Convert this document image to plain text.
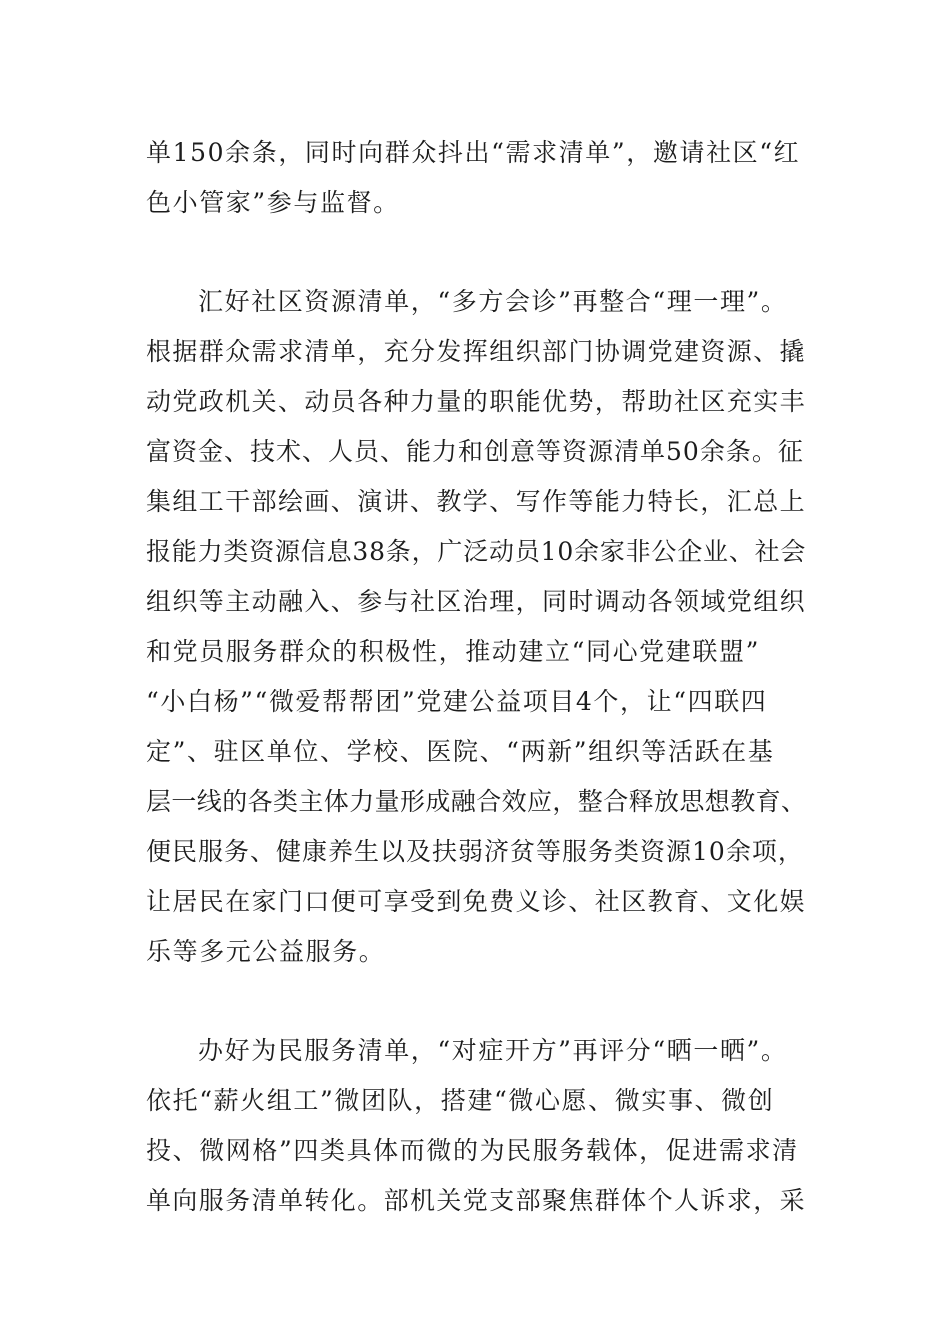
单150余条，同时向群众抖出“需求清单”，邀请社区“红
色小管家”参与监督。
汇好社区资源清单，“多方会诊”再整合“理一理”。
根据群众需求清单，充分发挥组织部门协调党建资源、撬
动党政机关、动员各种力量的职能优势，帮助社区充实丰
富资金、技术、人员、能力和创意等资源清单50余条。征
集组工干部绘画、演讲、教学、写作等能力特长，汇总上
报能力类资源信息38条，广泛动员10余家非公企业、社会
组织等主动融入、参与社区治理，同时调动各领域党组织
和党员服务群众的积极性，推动建立“同心党建联盟”
“小白杨”“微爱帮帮团”党建公益项目4个，让“四联四
定”、驻区单位、学校、医院、“两新”组织等活跃在基
层一线的各类主体力量形成融合效应，整合释放思想教育、
便民服务、健康养生以及扶弱济贫等服务类资源10余项，
让居民在家门口便可享受到免费义诊、社区教育、文化娱
乐等多元公益服务。
办好为民服务清单，“对症开方”再评分“晒一晒”。
依托“薪火组工”微团队，搭建“微心愿、微实事、微创
投、微网格”四类具体而微的为民服务载体，促进需求清
单向服务清单转化。部机关党支部聚焦群体个人诉求，采
